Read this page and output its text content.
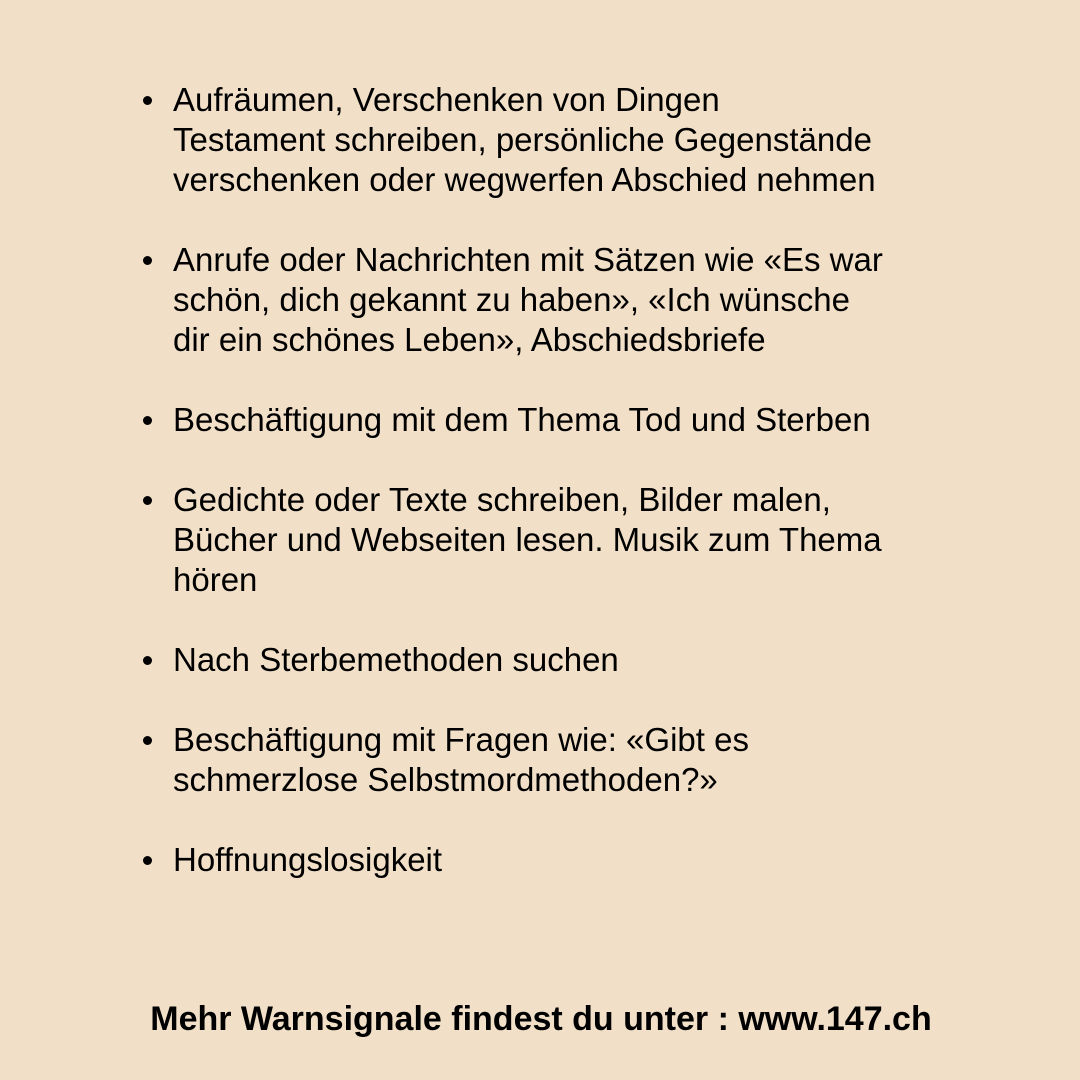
Aufräumen, Verschenken von Dingen
Testament schreiben, persönliche Gegenstände
verschenken oder wegwerfen Abschied nehmen
Anrufe oder Nachrichten mit Sätzen wie «Es war
schön, dich gekannt zu haben», «Ich wünsche
dir ein schönes Leben», Abschiedsbriefe
Beschäftigung mit dem Thema Tod und Sterben
Gedichte oder Texte schreiben, Bilder malen,
Bücher und Webseiten lesen. Musik zum Thema
hören
Nach Sterbemethoden suchen
Beschäftigung mit Fragen wie: «Gibt es
schmerzlose Selbstmordmethoden?»
Hoffnungslosigkeit
Mehr Warnsignale findest du unter : www.147.ch
